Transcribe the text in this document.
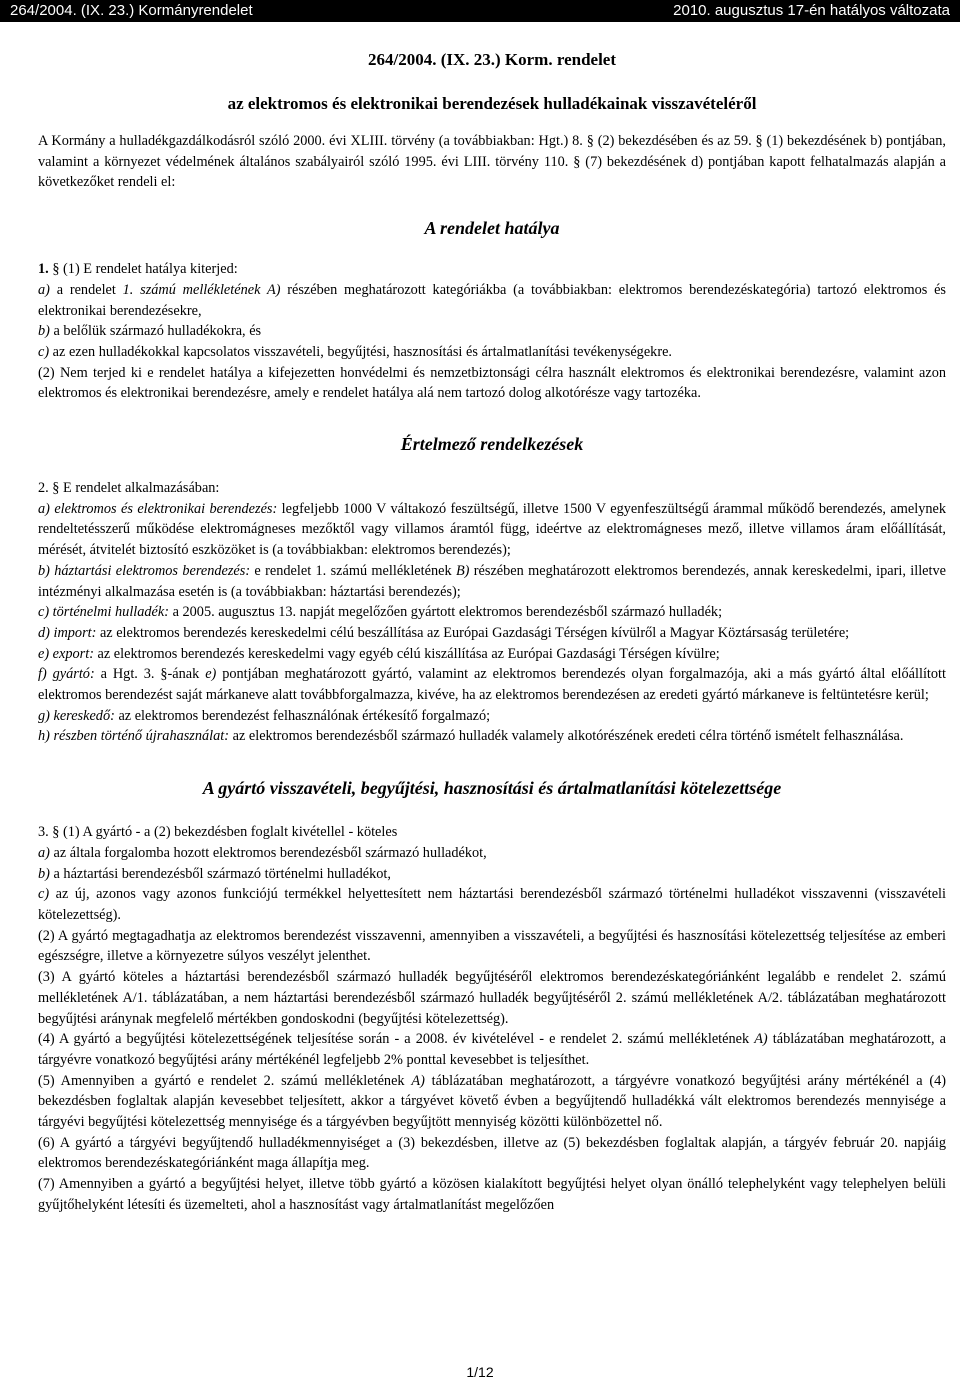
264/2004. (IX. 23.) Kormányrendelet	2010. augusztus 17-én hatályos változata
264/2004. (IX. 23.) Korm. rendelet
az elektromos és elektronikai berendezések hulladékainak visszavételéről

A Kormány a hulladékgazdálkodásról szóló 2000. évi XLIII. törvény (a továbbiakban: Hgt.) 8. § (2) bekezdésében és az 59. § (1) bekezdésének b) pontjában, valamint a környezet védelmének általános szabályairól szóló 1995. évi LIII. törvény 110. § (7) bekezdésének d) pontjában kapott felhatalmazás alapján a következőket rendeli el:

A rendelet hatálya

1. § (1) E rendelet hatálya kiterjed:

a) a rendelet 1. számú mellékletének A) részében meghatározott kategóriákba (a továbbiakban: elektromos berendezéskategória) tartozó elektromos és elektronikai berendezésekre,

b) a belőlük származó hulladékokra, és

c) az ezen hulladékokkal kapcsolatos visszavételi, begyűjtési, hasznosítási és ártalmatlanítási tevékenységekre.

(2) Nem terjed ki e rendelet hatálya a kifejezetten honvédelmi és nemzetbiztonsági célra használt elektromos és elektronikai berendezésre, valamint azon elektromos és elektronikai berendezésre, amely e rendelet hatálya alá nem tartozó dolog alkotórésze vagy tartozéka.

Értelmező rendelkezések

2. § E rendelet alkalmazásában:

a) elektromos és elektronikai berendezés: legfeljebb 1000 V váltakozó feszültségű, illetve 1500 V egyenfeszültségű árammal működő berendezés, amelynek rendeltetésszerű működése elektromágneses mezőktől vagy villamos áramtól függ, ideértve az elektromágneses mező, illetve villamos áram előállítását, mérését, átvitelét biztosító eszközöket is (a továbbiakban: elektromos berendezés);

b) háztartási elektromos berendezés: e rendelet 1. számú mellékletének B) részében meghatározott elektromos berendezés, annak kereskedelmi, ipari, illetve intézményi alkalmazása esetén is (a továbbiakban: háztartási berendezés);

c) történelmi hulladék: a 2005. augusztus 13. napját megelőzően gyártott elektromos berendezésből származó hulladék;

d) import: az elektromos berendezés kereskedelmi célú beszállítása az Európai Gazdasági Térségen kívülről a Magyar Köztársaság területére;

e) export: az elektromos berendezés kereskedelmi vagy egyéb célú kiszállítása az Európai Gazdasági Térségen kívülre;

f) gyártó: a Hgt. 3. §-ának e) pontjában meghatározott gyártó, valamint az elektromos berendezés olyan forgalmazója, aki a más gyártó által előállított elektromos berendezést saját márkaneve alatt továbbforgalmazza, kivéve, ha az elektromos berendezésen az eredeti gyártó márkaneve is feltüntetésre kerül;

g) kereskedő: az elektromos berendezést felhasználónak értékesítő forgalmazó;

h) részben történő újrahasználat: az elektromos berendezésből származó hulladék valamely alkotórészének eredeti célra történő ismételt felhasználása.

A gyártó visszavételi, begyűjtési, hasznosítási és ártalmatlanítási kötelezettsége

3. § (1) A gyártó - a (2) bekezdésben foglalt kivétellel - köteles

a) az általa forgalomba hozott elektromos berendezésből származó hulladékot,

b) a háztartási berendezésből származó történelmi hulladékot,

c) az új, azonos vagy azonos funkciójú termékkel helyettesített nem háztartási berendezésből származó történelmi hulladékot visszavenni (visszavételi kötelezettség).

(2) A gyártó megtagadhatja az elektromos berendezést visszavenni, amennyiben a visszavételi, a begyűjtési és hasznosítási kötelezettség teljesítése az emberi egészségre, illetve a környezetre súlyos veszélyt jelenthet.

(3) A gyártó köteles a háztartási berendezésből származó hulladék begyűjtéséről elektromos berendezéskategóriánként legalább e rendelet 2. számú mellékletének A/1. táblázatában, a nem háztartási berendezésből származó hulladék begyűjtéséről 2. számú mellékletének A/2. táblázatában meghatározott begyűjtési aránynak megfelelő mértékben gondoskodni (begyűjtési kötelezettség).

(4) A gyártó a begyűjtési kötelezettségének teljesítése során - a 2008. év kivételével - e rendelet 2. számú mellékletének A) táblázatában meghatározott, a tárgyévre vonatkozó begyűjtési arány mértékénél legfeljebb 2% ponttal kevesebbet is teljesíthet.

(5) Amennyiben a gyártó e rendelet 2. számú mellékletének A) táblázatában meghatározott, a tárgyévre vonatkozó begyűjtési arány mértékénél a (4) bekezdésben foglaltak alapján kevesebbet teljesített, akkor a tárgyévet követő évben a begyűjtendő hulladékká vált elektromos berendezés mennyisége a tárgyévi begyűjtési kötelezettség mennyisége és a tárgyévben begyűjtött mennyiség közötti különbözettel nő.

(6) A gyártó a tárgyévi begyűjtendő hulladékmennyiséget a (3) bekezdésben, illetve az (5) bekezdésben foglaltak alapján, a tárgyév február 20. napjáig elektromos berendezéskategóriánként maga állapítja meg.

(7) Amennyiben a gyártó a begyűjtési helyet, illetve több gyártó a közösen kialakított begyűjtési helyet olyan önálló telephelyként vagy telephelyen belüli gyűjtőhelyként létesíti és üzemelteti, ahol a hasznosítást vagy ártalmatlanítást megelőzően

1/12
